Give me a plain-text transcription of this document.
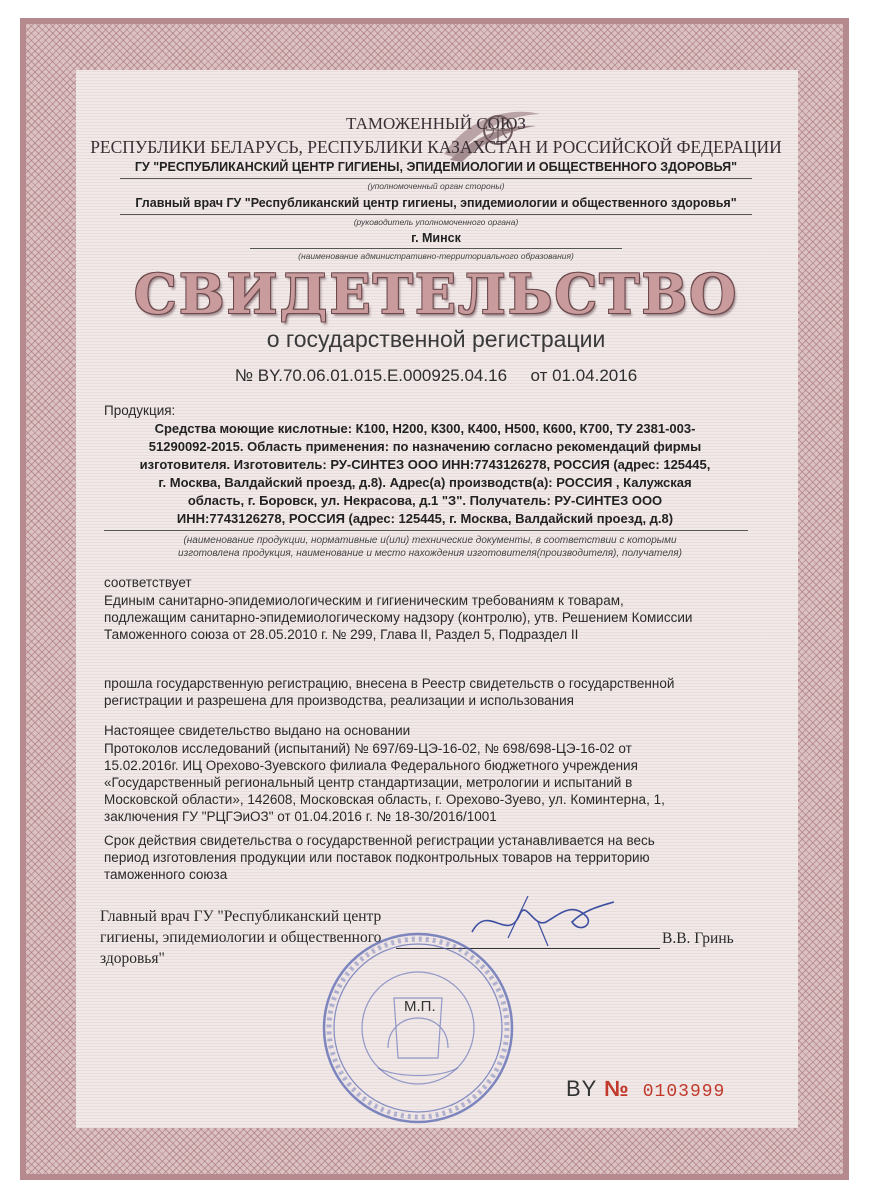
ТАМОЖЕННЫЙ СОЮЗ
РЕСПУБЛИКИ БЕЛАРУСЬ, РЕСПУБЛИКИ КАЗАХСТАН И РОССИЙСКОЙ ФЕДЕРАЦИИ
ГУ "РЕСПУБЛИКАНСКИЙ ЦЕНТР ГИГИЕНЫ, ЭПИДЕМИОЛОГИИ И ОБЩЕСТВЕННОГО ЗДОРОВЬЯ"
(уполномоченный орган стороны)
Главный врач ГУ "Республиканский центр гигиены, эпидемиологии и общественного здоровья"
(руководитель уполномоченного органа)
г. Минск
(наименование административно-территориального образования)
СВИДЕТЕЛЬСТВО
о государственной регистрации
№ BY.70.06.01.015.E.000925.04.16 от 01.04.2016
Продукция:
Средства моющие кислотные: К100, Н200, К300, К400, Н500, К600, К700, ТУ 2381-003-
51290092-2015. Область применения: по назначению согласно рекомендаций фирмы
изготовителя. Изготовитель: РУ-СИНТЕЗ ООО ИНН:7743126278, РОССИЯ (адрес: 125445,
г. Москва, Валдайский проезд, д.8). Адрес(а) производств(а): РОССИЯ , Калужская
область, г. Боровск, ул. Некрасова, д.1 "З". Получатель: РУ-СИНТЕЗ ООО
ИНН:7743126278, РОССИЯ (адрес: 125445, г. Москва, Валдайский проезд, д.8)
(наименование продукции, нормативные и(или) технические документы, в соответствии с которыми
изготовлена продукция, наименование и место нахождения изготовителя(производителя), получателя)
соответствует
Единым санитарно-эпидемиологическим и гигиеническим требованиям к товарам,
подлежащим санитарно-эпидемиологическому надзору (контролю), утв. Решением Комиссии
Таможенного союза от 28.05.2010 г. № 299, Глава II, Раздел 5, Подраздел II
прошла государственную регистрацию, внесена в Реестр свидетельств о государственной
регистрации и разрешена для производства, реализации и использования
Настоящее свидетельство выдано на основании
Протоколов исследований (испытаний) № 697/69-ЦЭ-16-02, № 698/698-ЦЭ-16-02 от
15.02.2016г. ИЦ Орехово-Зуевского филиала Федерального бюджетного учреждения
«Государственный региональный центр стандартизации, метрологии и испытаний в
Московской области», 142608, Московская область, г. Орехово-Зуево, ул. Коминтерна, 1,
заключения ГУ "РЦГЭиОЗ" от 01.04.2016 г. № 18-30/2016/1001
Срок действия свидетельства о государственной регистрации устанавливается на весь
период изготовления продукции или поставок подконтрольных товаров на территорию
таможенного союза
Главный врач ГУ "Республиканский центр
гигиены, эпидемиологии и общественного
здоровья"
В.В. Гринь
М.П.
BY № 0103999
